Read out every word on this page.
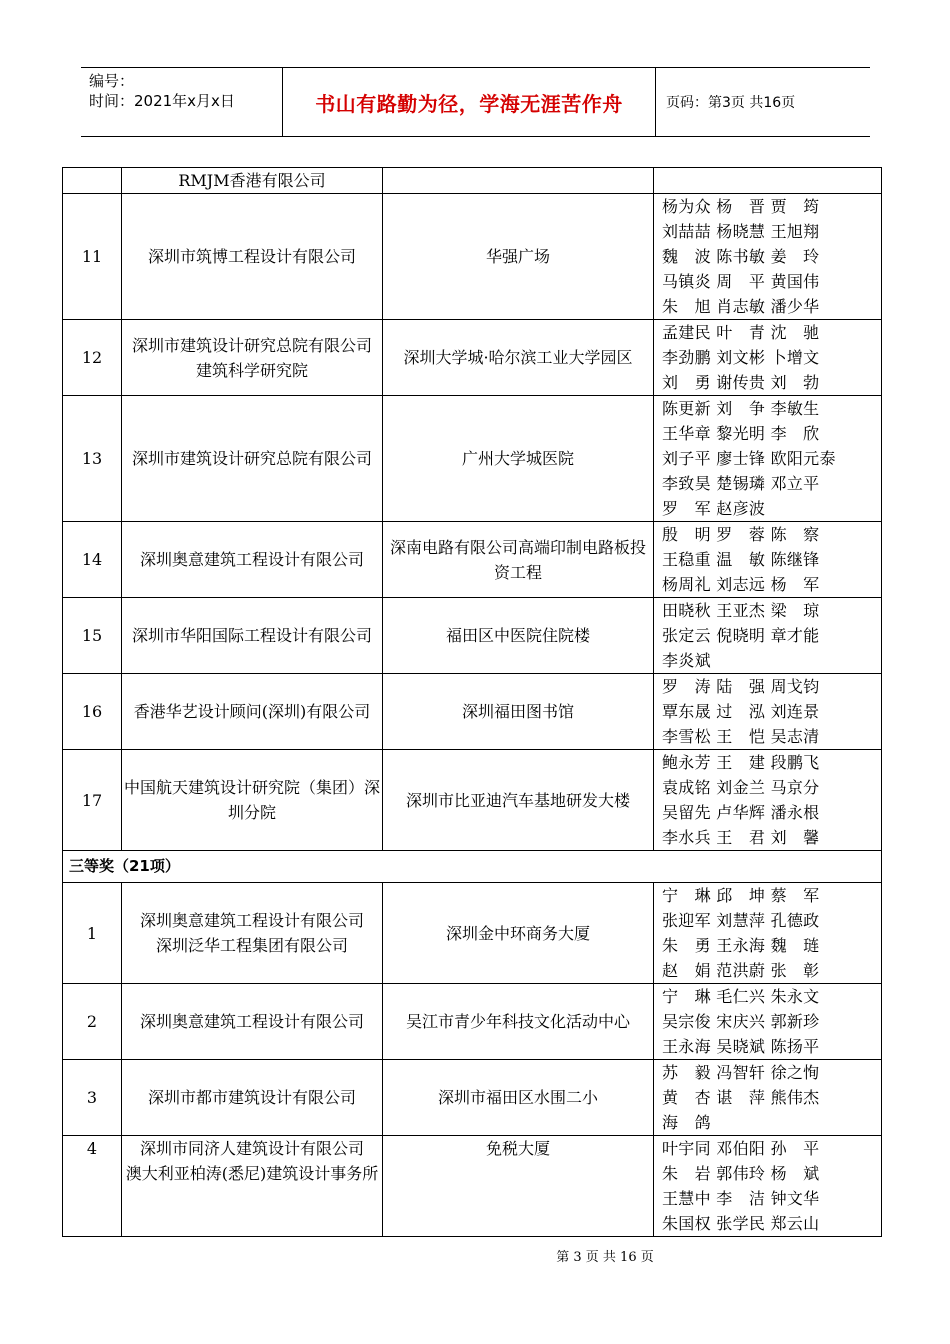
编号：
时间：2021年x月x日	书山有路勤为径，学海无涯苦作舟	页码：第3页 共16页
	RMJM香港有限公司		
11	深圳市筑博工程设计有限公司	华强广场	杨为众 杨　晋 贾　筠
刘喆喆 杨晓慧 王旭翔
魏　波 陈书敏 姜　玲
马镇炎 周　平 黄国伟
朱　旭 肖志敏 潘少华
12	深圳市建筑设计研究总院有限公司
建筑科学研究院	深圳大学城·哈尔滨工业大学园区	孟建民 叶　青 沈　驰
李劲鹏 刘文彬 卜增文
刘　勇 谢传贵 刘　勃
13	深圳市建筑设计研究总院有限公司	广州大学城医院	陈更新 刘　争 李敏生
王华章 黎光明 李　欣
刘子平 廖士锋 欧阳元泰
李致昊 楚锡璘 邓立平
罗　军 赵彦波
14	深圳奥意建筑工程设计有限公司	深南电路有限公司高端印制电路板投资工程	殷　明 罗　蓉 陈　察
王稳重 温　敏 陈继锋
杨周礼 刘志远 杨　军
15	深圳市华阳国际工程设计有限公司	福田区中医院住院楼	田晓秋 王亚杰 梁　琼
张定云 倪晓明 章才能
李炎斌
16	香港华艺设计顾问(深圳)有限公司	深圳福田图书馆	罗　涛 陆　强 周戈钧
覃东晟 过　泓 刘连景
李雪松 王　恺 吴志清
17	中国航天建筑设计研究院（集团）深圳分院	深圳市比亚迪汽车基地研发大楼	鲍永芳 王　建 段鹏飞
袁成铭 刘金兰 马京分
吴留先 卢华辉 潘永根
李水兵 王　君 刘　馨
三等奖（21项）			
1	深圳奥意建筑工程设计有限公司
深圳泛华工程集团有限公司	深圳金中环商务大厦	宁　琳 邱　坤 蔡　军
张迎军 刘慧萍 孔德政
朱　勇 王永海 魏　琏
赵　娟 范洪蔚 张　彰
2	深圳奥意建筑工程设计有限公司	吴江市青少年科技文化活动中心	宁　琳 毛仁兴 朱永文
吴宗俊 宋庆兴 郭新珍
王永海 吴晓斌 陈扬平
3	深圳市都市建筑设计有限公司	深圳市福田区水围二小	苏　毅 冯智轩 徐之恂
黄　杏 谌　萍 熊伟杰
海　鸽
4	深圳市同济人建筑设计有限公司
澳大利亚柏涛(悉尼)建筑设计事务所	免税大厦	叶宇同 邓伯阳 孙　平
朱　岩 郭伟玲 杨　斌
王慧中 李　洁 钟文华
朱国权 张学民 郑云山
第 3 页 共 16 页
